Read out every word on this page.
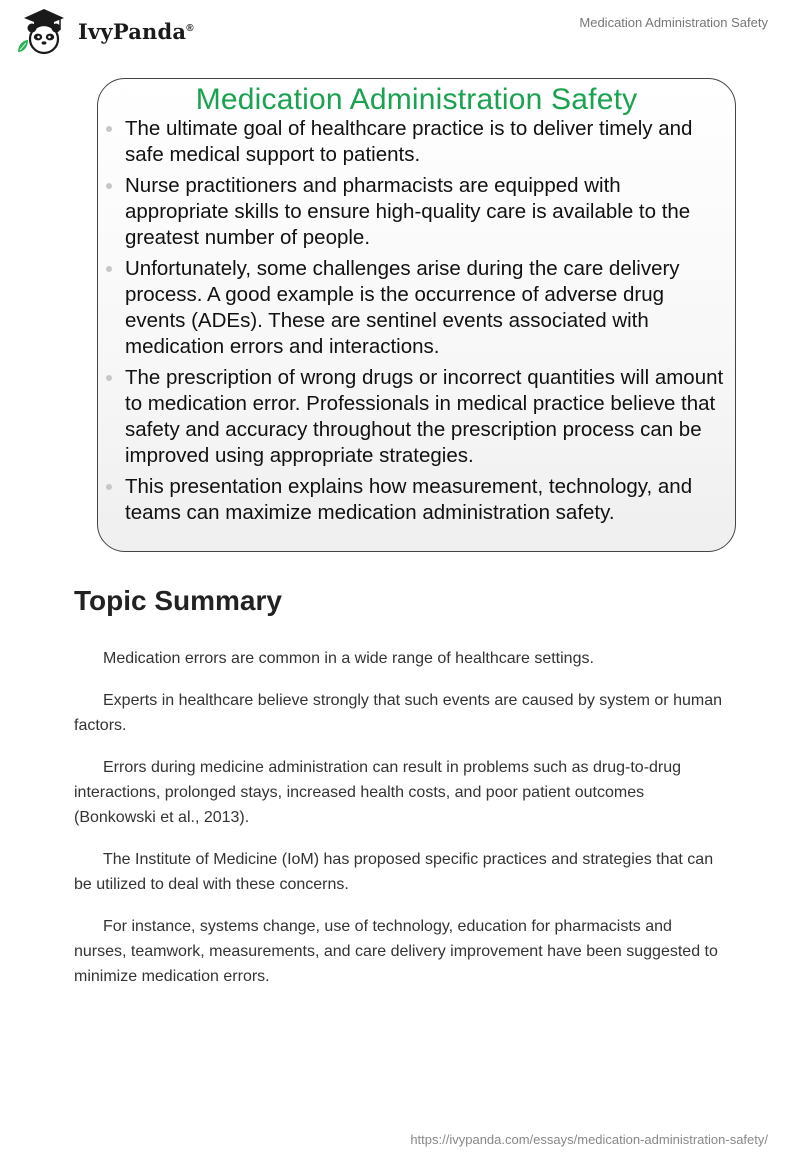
IvyPanda®	Medication Administration Safety
Medication Administration Safety
The ultimate goal of healthcare practice is to deliver timely and safe medical support to patients.
Nurse practitioners and pharmacists are equipped with appropriate skills to ensure high-quality care is available to the greatest number of people.
Unfortunately, some challenges arise during the care delivery process. A good example is the occurrence of adverse drug events (ADEs). These are sentinel events associated with medication errors and interactions.
The prescription of wrong drugs or incorrect quantities will amount to medication error. Professionals in medical practice believe that safety and accuracy throughout the prescription process can be improved using appropriate strategies.
This presentation explains how measurement, technology, and teams can maximize medication administration safety.
Topic Summary

Medication errors are common in a wide range of healthcare settings.

Experts in healthcare believe strongly that such events are caused by system or human factors.

Errors during medicine administration can result in problems such as drug-to-drug interactions, prolonged stays, increased health costs, and poor patient outcomes (Bonkowski et al., 2013).

The Institute of Medicine (IoM) has proposed specific practices and strategies that can be utilized to deal with these concerns.

For instance, systems change, use of technology, education for pharmacists and nurses, teamwork, measurements, and care delivery improvement have been suggested to minimize medication errors.

https://ivypanda.com/essays/medication-administration-safety/
